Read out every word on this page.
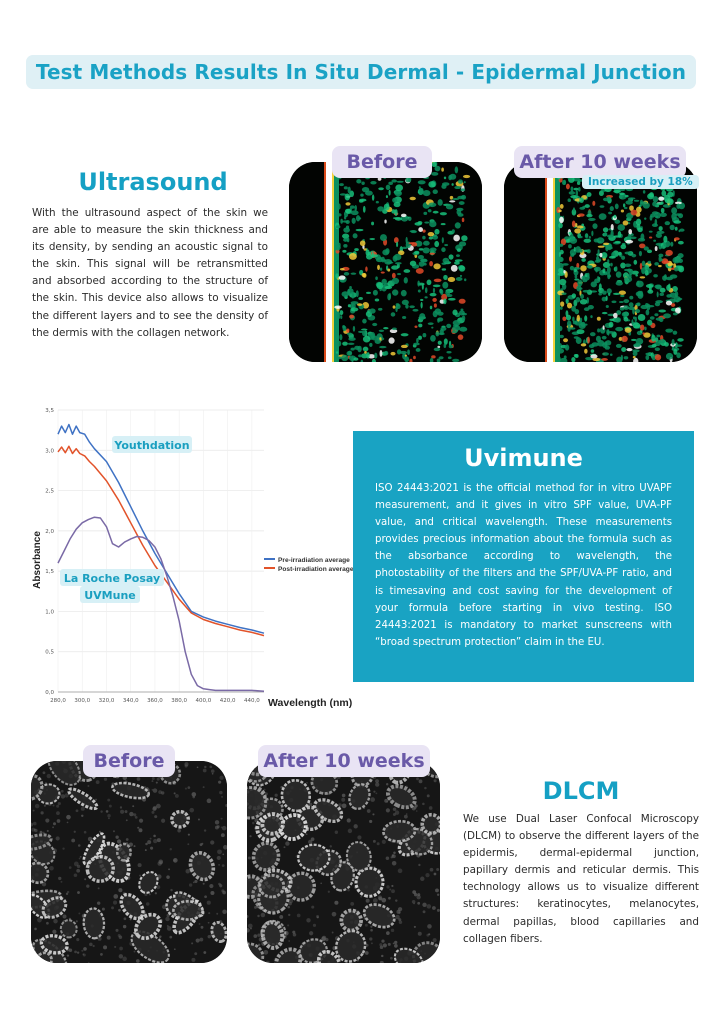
Test Methods Results In Situ Dermal - Epidermal Junction
Ultrasound
With the ultrasound aspect of the skin we are able to measure the skin thickness and its density, by sending an acoustic signal to the skin. This signal will be retransmitted and absorbed according to the structure of the skin. This device also allows to visualize the different layers and to see the density of the dermis with the collagen network.
Before	After 10 weeks
Increased by 18%
0,0
0,5
1,0
1,5
2,0
2,5
3,0
3,5
280,0 300,0 320,0 340,0 360,0 380,0 400,0 420,0 440,0
Absorbance
Wavelength (nm)
Pre-irradiation average
Post-irradiation average
Youthdation
La Roche Posay
UVMune
Uvimune
ISO 24443:2021 is the official method for in vitro UVAPF measurement, and it gives in vitro SPF value, UVA-PF value, and critical wavelength. These measurements provides precious information about the formula such as the absorbance according to wavelength, the photostability of the filters and the SPF/UVA-PF ratio, and is timesaving and cost saving for the development of your formula before starting in vivo testing. ISO 24443:2021 is mandatory to market sunscreens with “broad spectrum protection” claim in the EU.
Before	After 10 weeks
DLCM
We use Dual Laser Confocal Microscopy (DLCM) to observe the different layers of the epidermis, dermal-epidermal junction, papillary dermis and reticular dermis. This technology allows us to visualize different structures: keratinocytes, melanocytes, dermal papillas, blood capillaries and collagen fibers.
